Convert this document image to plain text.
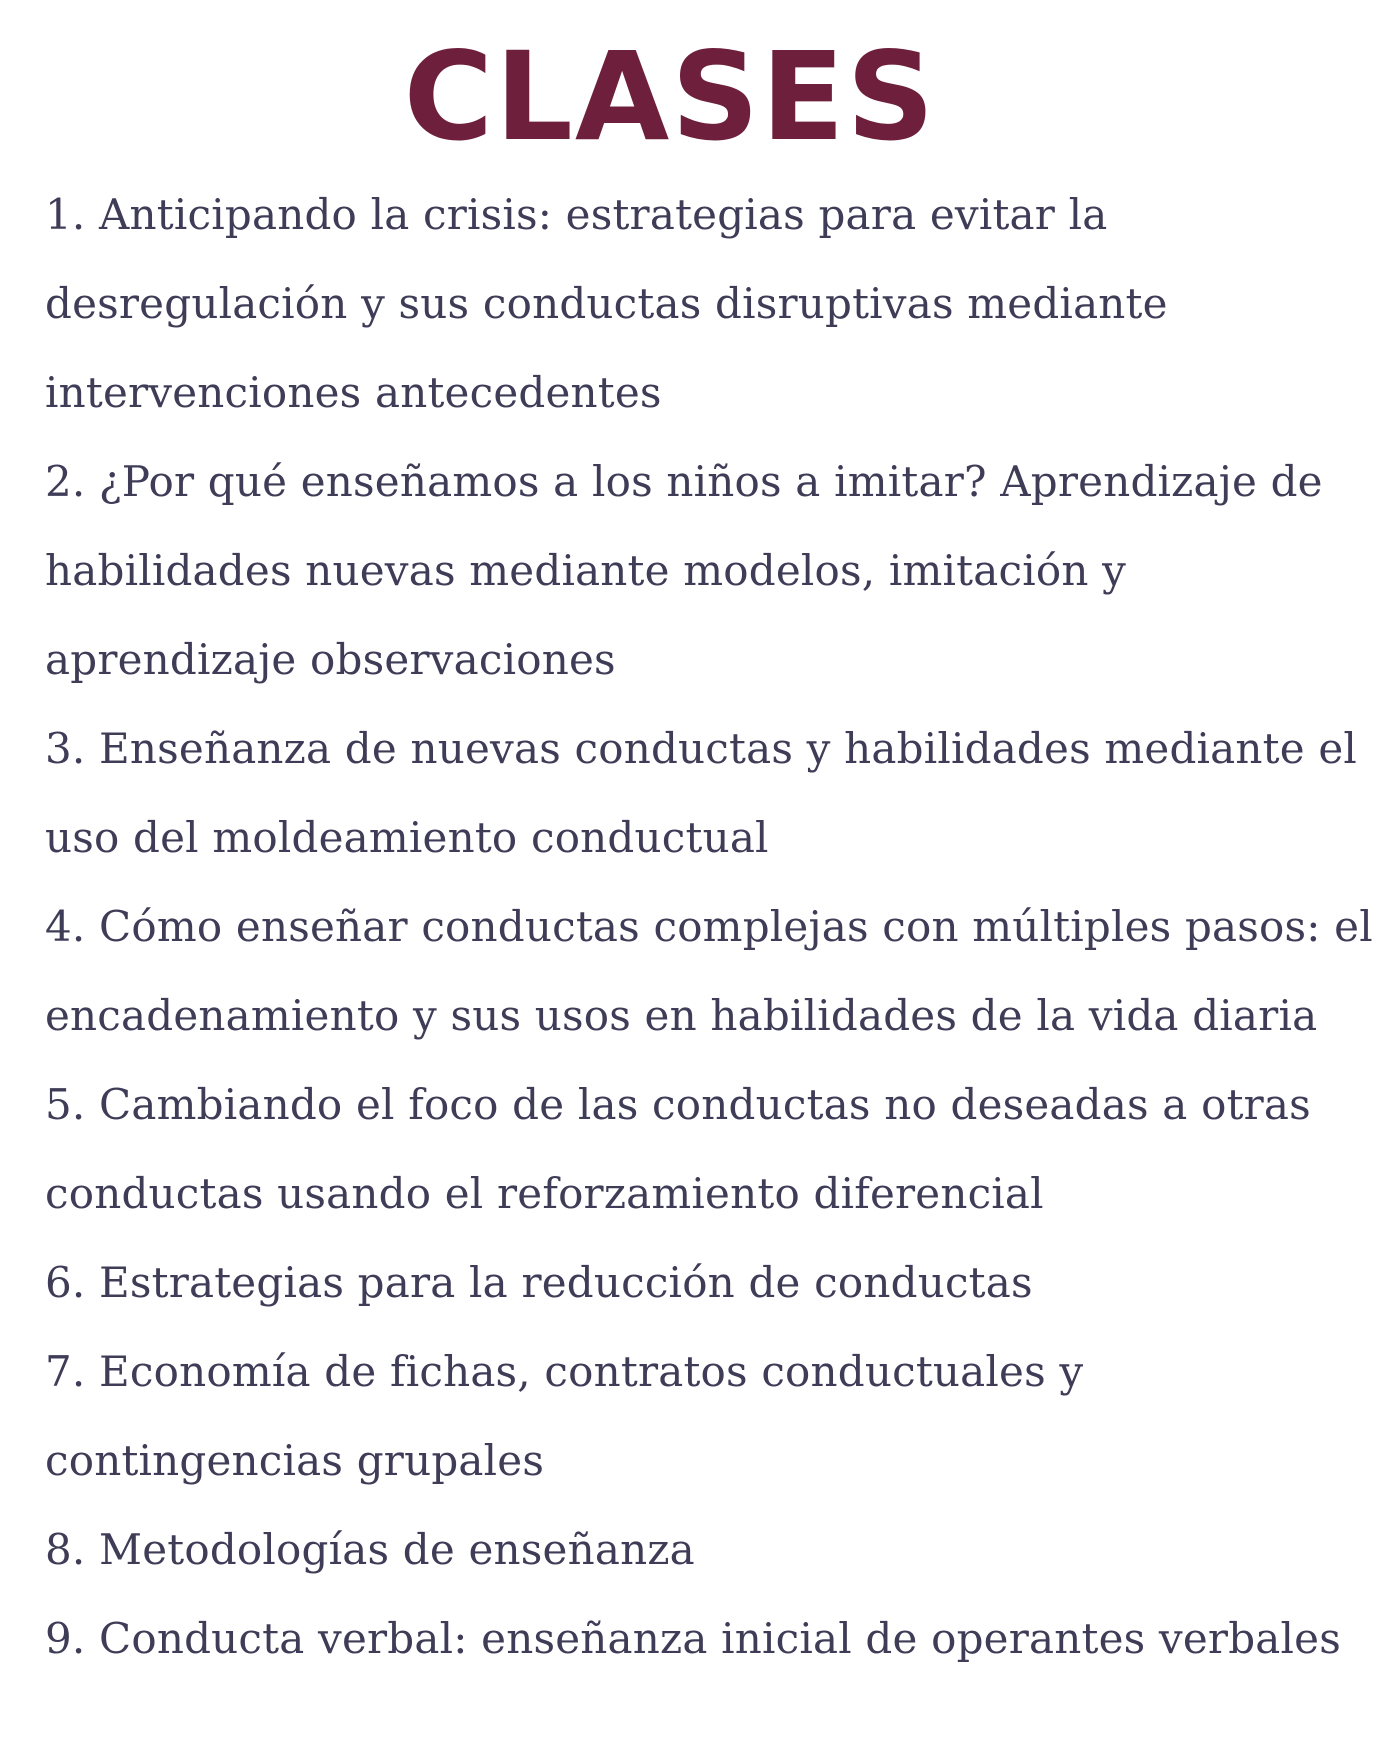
CLASES
1. Anticipando la crisis: estrategias para evitar la
desregulación y sus conductas disruptivas mediante
intervenciones antecedentes
2. ¿Por qué enseñamos a los niños a imitar? Aprendizaje de
habilidades nuevas mediante modelos, imitación y
aprendizaje observaciones
3. Enseñanza de nuevas conductas y habilidades mediante el
uso del moldeamiento conductual
4. Cómo enseñar conductas complejas con múltiples pasos: el
encadenamiento y sus usos en habilidades de la vida diaria
5. Cambiando el foco de las conductas no deseadas a otras
conductas usando el reforzamiento diferencial
6. Estrategias para la reducción de conductas
7. Economía de fichas, contratos conductuales y
contingencias grupales
8. Metodologías de enseñanza
9. Conducta verbal: enseñanza inicial de operantes verbales
